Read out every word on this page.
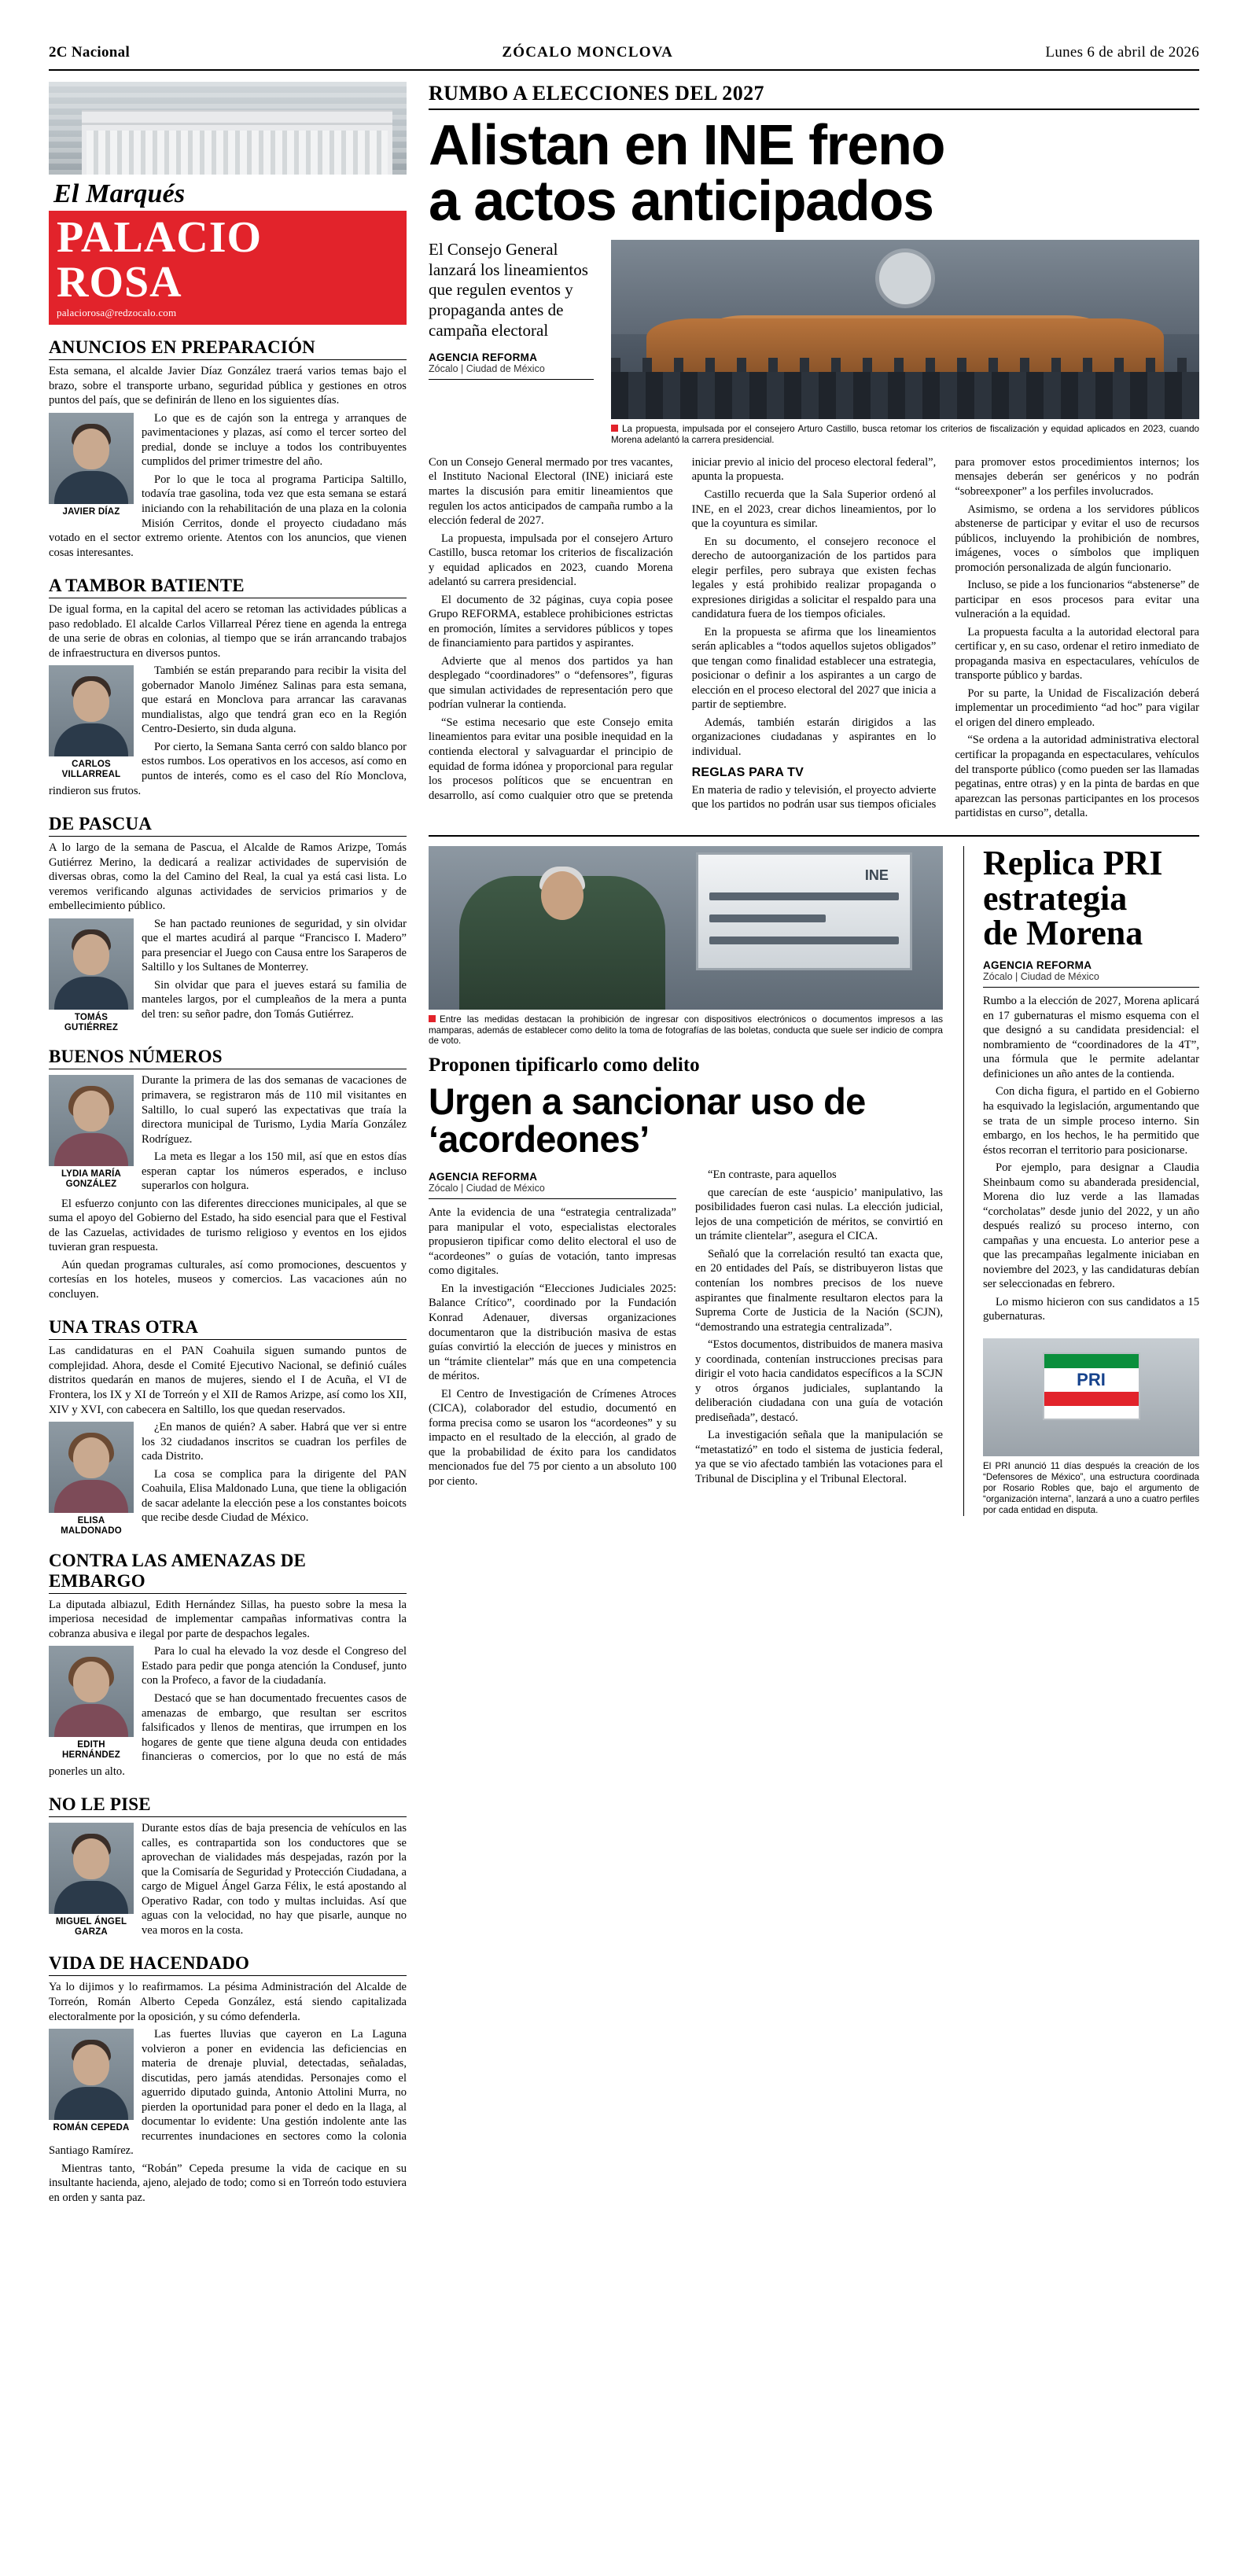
2C Nacional	ZÓCALO MONCLOVA	Lunes 6 de abril de 2026
El Marqués
PALACIO ROSA
palaciorosa@redzocalo.com
ANUNCIOS EN PREPARACIÓN

Esta semana, el alcalde Javier Díaz González traerá varios temas bajo el brazo, sobre el transporte urbano, seguridad pública y gestiones en otros puntos del país, que se definirán de lleno en los siguientes días.

JAVIER DÍAZ

Lo que es de cajón son la entrega y arranques de pavimentaciones y plazas, así como el tercer sorteo del predial, donde se incluye a todos los contribuyentes cumplidos del primer trimestre del año.

Por lo que le toca al programa Participa Saltillo, todavía trae gasolina, toda vez que esta semana se estará iniciando con la rehabilitación de una plaza en la colonia Misión Cerritos, donde el proyecto ciudadano más votado en el sector extremo oriente. Atentos con los anuncios, que vienen cosas interesantes.

A TAMBOR BATIENTE

De igual forma, en la capital del acero se retoman las actividades públicas a paso redoblado. El alcalde Carlos Villarreal Pérez tiene en agenda la entrega de una serie de obras en colonias, al tiempo que se irán arrancando trabajos de infraestructura en diversos puntos.

CARLOS VILLARREAL

También se están preparando para recibir la visita del gobernador Manolo Jiménez Salinas para esta semana, que estará en Monclova para arrancar las caravanas mundialistas, algo que tendrá gran eco en la Región Centro-Desierto, sin duda alguna.

Por cierto, la Semana Santa cerró con saldo blanco por estos rumbos. Los operativos en los accesos, así como en puntos de interés, como es el caso del Río Monclova, rindieron sus frutos.

DE PASCUA

A lo largo de la semana de Pascua, el Alcalde de Ramos Arizpe, Tomás Gutiérrez Merino, la dedicará a realizar actividades de supervisión de diversas obras, como la del Camino del Real, la cual ya está casi lista. Lo veremos verificando algunas actividades de servicios primarios y de embellecimiento público.

TOMÁS GUTIÉRREZ

Se han pactado reuniones de seguridad, y sin olvidar que el martes acudirá al parque “Francisco I. Madero” para presenciar el Juego con Causa entre los Saraperos de Saltillo y los Sultanes de Monterrey.

Sin olvidar que para el jueves estará su familia de manteles largos, por el cumpleaños de la mera a punta del tren: su señor padre, don Tomás Gutiérrez.

BUENOS NÚMEROS
LYDIA MARÍA GONZÁLEZ

Durante la primera de las dos semanas de vacaciones de primavera, se registraron más de 110 mil visitantes en Saltillo, lo cual superó las expectativas que traía la directora municipal de Turismo, Lydia María González Rodríguez.

La meta es llegar a los 150 mil, así que en estos días esperan captar los números esperados, e incluso superarlos con holgura.

El esfuerzo conjunto con las diferentes direcciones municipales, al que se suma el apoyo del Gobierno del Estado, ha sido esencial para que el Festival de las Cazuelas, actividades de turismo religioso y eventos en los ejidos tuvieran gran respuesta.

Aún quedan programas culturales, así como promociones, descuentos y cortesías en los hoteles, museos y comercios. Las vacaciones aún no concluyen.

UNA TRAS OTRA

Las candidaturas en el PAN Coahuila siguen sumando puntos de complejidad. Ahora, desde el Comité Ejecutivo Nacional, se definió cuáles distritos quedarán en manos de mujeres, siendo el I de Acuña, el VI de Frontera, los IX y XI de Torreón y el XII de Ramos Arizpe, así como los XII, XIV y XVI, con cabecera en Saltillo, los que quedan reservados.

ELISA MALDONADO

¿En manos de quién? A saber. Habrá que ver si entre los 32 ciudadanos inscritos se cuadran los perfiles de cada Distrito.

La cosa se complica para la dirigente del PAN Coahuila, Elisa Maldonado Luna, que tiene la obligación de sacar adelante la elección pese a los constantes boicots que recibe desde Ciudad de México.

CONTRA LAS AMENAZAS DE EMBARGO

La diputada albiazul, Edith Hernández Sillas, ha puesto sobre la mesa la imperiosa necesidad de implementar campañas informativas contra la cobranza abusiva e ilegal por parte de despachos legales.

EDITH HERNÁNDEZ

Para lo cual ha elevado la voz desde el Congreso del Estado para pedir que ponga atención la Condusef, junto con la Profeco, a favor de la ciudadanía.

Destacó que se han documentado frecuentes casos de amenazas de embargo, que resultan ser escritos falsificados y llenos de mentiras, que irrumpen en los hogares de gente que tiene alguna deuda con entidades financieras o comercios, por lo que no está de más ponerles un alto.

NO LE PISE
MIGUEL ÁNGEL GARZA

Durante estos días de baja presencia de vehículos en las calles, es contrapartida son los conductores que se aprovechan de vialidades más despejadas, razón por la que la Comisaría de Seguridad y Protección Ciudadana, a cargo de Miguel Ángel Garza Félix, le está apostando al Operativo Radar, con todo y multas incluidas. Así que aguas con la velocidad, no hay que pisarle, aunque no vea moros en la costa.

VIDA DE HACENDADO

Ya lo dijimos y lo reafirmamos. La pésima Administración del Alcalde de Torreón, Román Alberto Cepeda González, está siendo capitalizada electoralmente por la oposición, y su cómo defenderla.

ROMÁN CEPEDA

Las fuertes lluvias que cayeron en La Laguna volvieron a poner en evidencia las deficiencias en materia de drenaje pluvial, detectadas, señaladas, discutidas, pero jamás atendidas. Personajes como el aguerrido diputado guinda, Antonio Attolini Murra, no pierden la oportunidad para poner el dedo en la llaga, al documentar lo evidente: Una gestión indolente ante las recurrentes inundaciones en sectores como la colonia Santiago Ramírez.

Mientras tanto, “Robán” Cepeda presume la vida de cacique en su insultante hacienda, ajeno, alejado de todo; como si en Torreón todo estuviera en orden y santa paz.

RUMBO A ELECCIONES DEL 2027
Alistan en INE freno
a actos anticipados
El Consejo General lanzará los lineamientos que regulen eventos y propaganda antes de campaña electoral
AGENCIA REFORMA
Zócalo | Ciudad de México
La propuesta, impulsada por el consejero Arturo Castillo, busca retomar los criterios de fiscalización y equidad aplicados en 2023, cuando Morena adelantó la carrera presidencial.

Con un Consejo General mermado por tres vacantes, el Instituto Nacional Electoral (INE) iniciará este martes la discusión para emitir lineamientos que regulen los actos anticipados de campaña rumbo a la elección federal de 2027.

La propuesta, impulsada por el consejero Arturo Castillo, busca retomar los criterios de fiscalización y equidad aplicados en 2023, cuando Morena adelantó su carrera presidencial.

El documento de 32 páginas, cuya copia posee Grupo REFORMA, establece prohibiciones estrictas en promoción, límites a servidores públicos y topes de financiamiento para partidos y aspirantes.

Advierte que al menos dos partidos ya han desplegado “coordinadores” o “defensores”, figuras que simulan actividades de representación pero que podrían vulnerar la contienda.

“Se estima necesario que este Consejo emita lineamientos para evitar una posible inequidad en la contienda electoral y salvaguardar el principio de equidad de forma idónea y proporcional para regular los procesos políticos que se encuentran en desarrollo, así como cualquier otro que se pretenda iniciar previo al inicio del proceso electoral federal”, apunta la propuesta.

Castillo recuerda que la Sala Superior ordenó al INE, en el 2023, crear dichos lineamientos, por lo que la coyuntura es similar.

En su documento, el consejero reconoce el derecho de autoorganización de los partidos para elegir perfiles, pero subraya que existen fechas legales y está prohibido realizar propaganda o expresiones dirigidas a solicitar el respaldo para una candidatura fuera de los tiempos oficiales.

En la propuesta se afirma que los lineamientos serán aplicables a “todos aquellos sujetos obligados” que tengan como finalidad establecer una estrategia, posicionar o definir a los aspirantes a un cargo de elección en el proceso electoral del 2027 que inicia a partir de septiembre.

Además, también estarán dirigidos a las organizaciones ciudadanas y aspirantes en lo individual.

REGLAS PARA TV

En materia de radio y televisión, el proyecto advierte que los partidos no podrán usar sus tiempos oficiales para promover estos procedimientos internos; los mensajes deberán ser genéricos y no podrán “sobreexponer” a los perfiles involucrados.

Asimismo, se ordena a los servidores públicos abstenerse de participar y evitar el uso de recursos públicos, incluyendo la prohibición de nombres, imágenes, voces o símbolos que impliquen promoción personalizada de algún funcionario.

Incluso, se pide a los funcionarios “abstenerse” de participar en esos procesos para evitar una vulneración a la equidad.

La propuesta faculta a la autoridad electoral para certificar y, en su caso, ordenar el retiro inmediato de propaganda masiva en espectaculares, vehículos de transporte público y bardas.

Por su parte, la Unidad de Fiscalización deberá implementar un procedimiento “ad hoc” para vigilar el origen del dinero empleado.

“Se ordena a la autoridad administrativa electoral certificar la propaganda en espectaculares, vehículos del transporte público (como pueden ser las llamadas pegatinas, entre otras) y en la pinta de bardas en que aparezcan las personas participantes en los procesos partidistas en curso”, detalla.

INE
Entre las medidas destacan la prohibición de ingresar con dispositivos electrónicos o documentos impresos a las mamparas, además de establecer como delito la toma de fotografías de las boletas, conducta que suele ser indicio de compra de voto.
Proponen tipificarlo como delito
Urgen a sancionar uso de ‘acordeones’
AGENCIA REFORMA
Zócalo | Ciudad de México

Ante la evidencia de una “estrategia centralizada” para manipular el voto, especialistas electorales propusieron tipificar como delito electoral el uso de “acordeones” o guías de votación, tanto impresas como digitales.

En la investigación “Elecciones Judiciales 2025: Balance Crítico”, coordinado por la Fundación Konrad Adenauer, diversas organizaciones documentaron que la distribución masiva de estas guías convirtió la elección de jueces y ministros en un “trámite clientelar” más que en una competencia de méritos.

El Centro de Investigación de Crímenes Atroces (CICA), colaborador del estudio, documentó en forma precisa como se usaron los “acordeones” y su impacto en el resultado de la elección, al grado de que la probabilidad de éxito para los candidatos mencionados fue del 75 por ciento a un absoluto 100 por ciento.

“En contraste, para aquellos

que carecían de este ‘auspicio’ manipulativo, las posibilidades fueron casi nulas. La elección judicial, lejos de una competición de méritos, se convirtió en un trámite clientelar”, asegura el CICA.

Señaló que la correlación resultó tan exacta que, en 20 entidades del País, se distribuyeron listas que contenían los nombres precisos de los nueve aspirantes que finalmente resultaron electos para la Suprema Corte de Justicia de la Nación (SCJN), “demostrando una estrategia centralizada”.

“Estos documentos, distribuidos de manera masiva y coordinada, contenían instrucciones precisas para dirigir el voto hacia candidatos específicos a la SCJN y otros órganos judiciales, suplantando la deliberación ciudadana con una guía de votación prediseñada”, destacó.

La investigación señala que la manipulación se “metastatizó” en todo el sistema de justicia federal, ya que se vio afectado también las votaciones para el Tribunal de Disciplina y el Tribunal Electoral.

Replica PRI
estrategia
de Morena
AGENCIA REFORMA
Zócalo | Ciudad de México

Rumbo a la elección de 2027, Morena aplicará en 17 gubernaturas el mismo esquema con el que designó a su candidata presidencial: el nombramiento de “coordinadores de la 4T”, una fórmula que le permite adelantar definiciones un año antes de la contienda.

Con dicha figura, el partido en el Gobierno ha esquivado la legislación, argumentando que se trata de un simple proceso interno. Sin embargo, en los hechos, le ha permitido que éstos recorran el territorio para posicionarse.

Por ejemplo, para designar a Claudia Sheinbaum como su abanderada presidencial, Morena dio luz verde a las llamadas “corcholatas” desde junio del 2022, y un año después realizó su proceso interno, con campañas y una encuesta. Lo anterior pese a que las precampañas legalmente iniciaban en noviembre del 2023, y las candidaturas debían ser seleccionadas en febrero.

Lo mismo hicieron con sus candidatos a 15 gubernaturas.

PRI
El PRI anunció 11 días después la creación de los “Defensores de México”, una estructura coordinada por Rosario Robles que, bajo el argumento de “organización interna”, lanzará a uno a cuatro perfiles por cada entidad en disputa.
